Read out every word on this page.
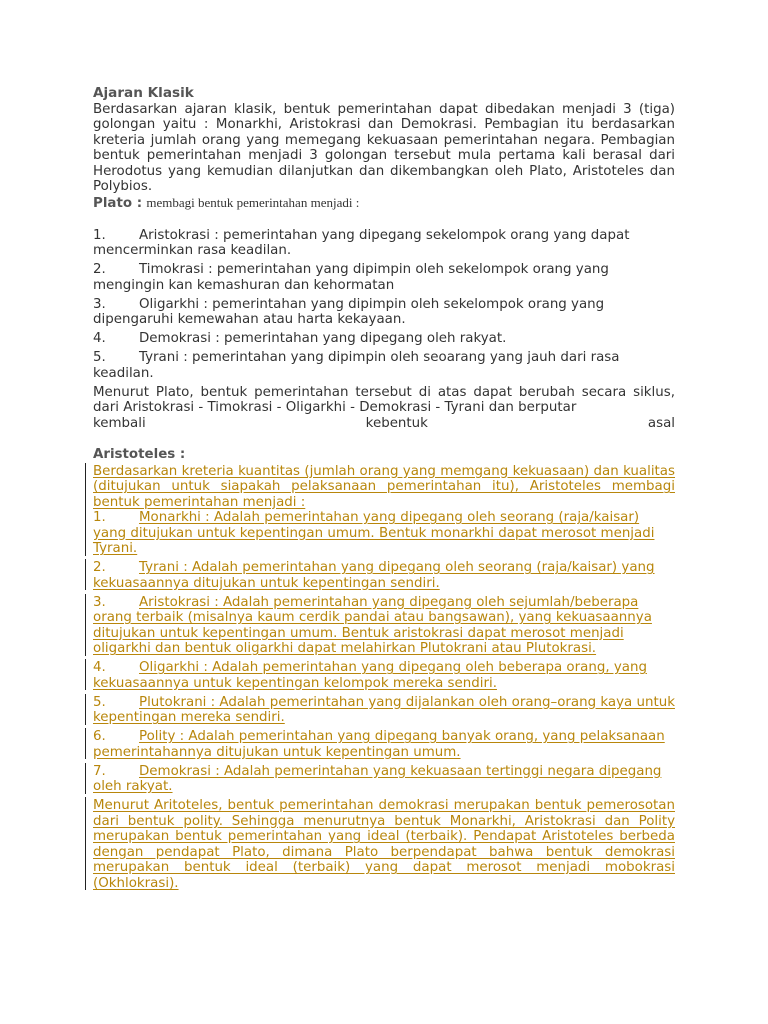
Ajaran Klasik

Berdasarkan ajaran klasik, bentuk pemerintahan dapat dibedakan menjadi 3 (tiga) golongan yaitu : Monarkhi, Aristokrasi dan Demokrasi. Pembagian itu berdasarkan kreteria jumlah orang yang memegang kekuasaan pemerintahan negara. Pembagian bentuk pemerintahan menjadi 3 golongan tersebut mula pertama kali berasal dari Herodotus yang kemudian dilanjutkan dan dikembangkan oleh Plato, Aristoteles dan Polybios.

Plato : membagi bentuk pemerintahan menjadi :

1. Aristokrasi : pemerintahan yang dipegang sekelompok orang yang dapat mencerminkan rasa keadilan.

2. Timokrasi : pemerintahan yang dipimpin oleh sekelompok orang yang mengingin kan kemashuran dan kehormatan

3. Oligarkhi : pemerintahan yang dipimpin oleh sekelompok orang yang dipengaruhi kemewahan atau harta kekayaan.

4. Demokrasi : pemerintahan yang dipegang oleh rakyat.

5. Tyrani : pemerintahan yang dipimpin oleh seoarang yang jauh dari rasa keadilan.

Menurut Plato, bentuk pemerintahan tersebut di atas dapat berubah secara siklus, dari Aristokrasi - Timokrasi - Oligarkhi - Demokrasi - Tyrani dan berputar

kembali kebentuk asal

Aristoteles :

Berdasarkan kreteria kuantitas (jumlah orang yang memgang kekuasaan) dan kualitas (ditujukan untuk siapakah pelaksanaan pemerintahan itu), Aristoteles membagi bentuk pemerintahan menjadi :

1. Monarkhi : Adalah pemerintahan yang dipegang oleh seorang (raja/kaisar) yang ditujukan untuk kepentingan umum. Bentuk monarkhi dapat merosot menjadi Tyrani.

2. Tyrani : Adalah pemerintahan yang dipegang oleh seorang (raja/kaisar) yang kekuasaannya ditujukan untuk kepentingan sendiri.

3. Aristokrasi : Adalah pemerintahan yang dipegang oleh sejumlah/beberapa orang terbaik (misalnya kaum cerdik pandai atau bangsawan), yang kekuasaannya ditujukan untuk kepentingan umum. Bentuk aristokrasi dapat merosot menjadi oligarkhi dan bentuk oligarkhi dapat melahirkan Plutokrani atau Plutokrasi.

4. Oligarkhi : Adalah pemerintahan yang dipegang oleh beberapa orang, yang kekuasaannya untuk kepentingan kelompok mereka sendiri.

5. Plutokrani : Adalah pemerintahan yang dijalankan oleh orang–orang kaya untuk kepentingan mereka sendiri.

6. Polity : Adalah pemerintahan yang dipegang banyak orang, yang pelaksanaan pemerintahannya ditujukan untuk kepentingan umum.

7. Demokrasi : Adalah pemerintahan yang kekuasaan tertinggi negara dipegang oleh rakyat.

Menurut Aritoteles, bentuk pemerintahan demokrasi merupakan bentuk pemerosotan dari bentuk polity. Sehingga menurutnya bentuk Monarkhi, Aristokrasi dan Polity merupakan bentuk pemerintahan yang ideal (terbaik). Pendapat Aristoteles berbeda dengan pendapat Plato, dimana Plato berpendapat bahwa bentuk demokrasi merupakan bentuk ideal (terbaik) yang dapat merosot menjadi mobokrasi (Okhlokrasi).
